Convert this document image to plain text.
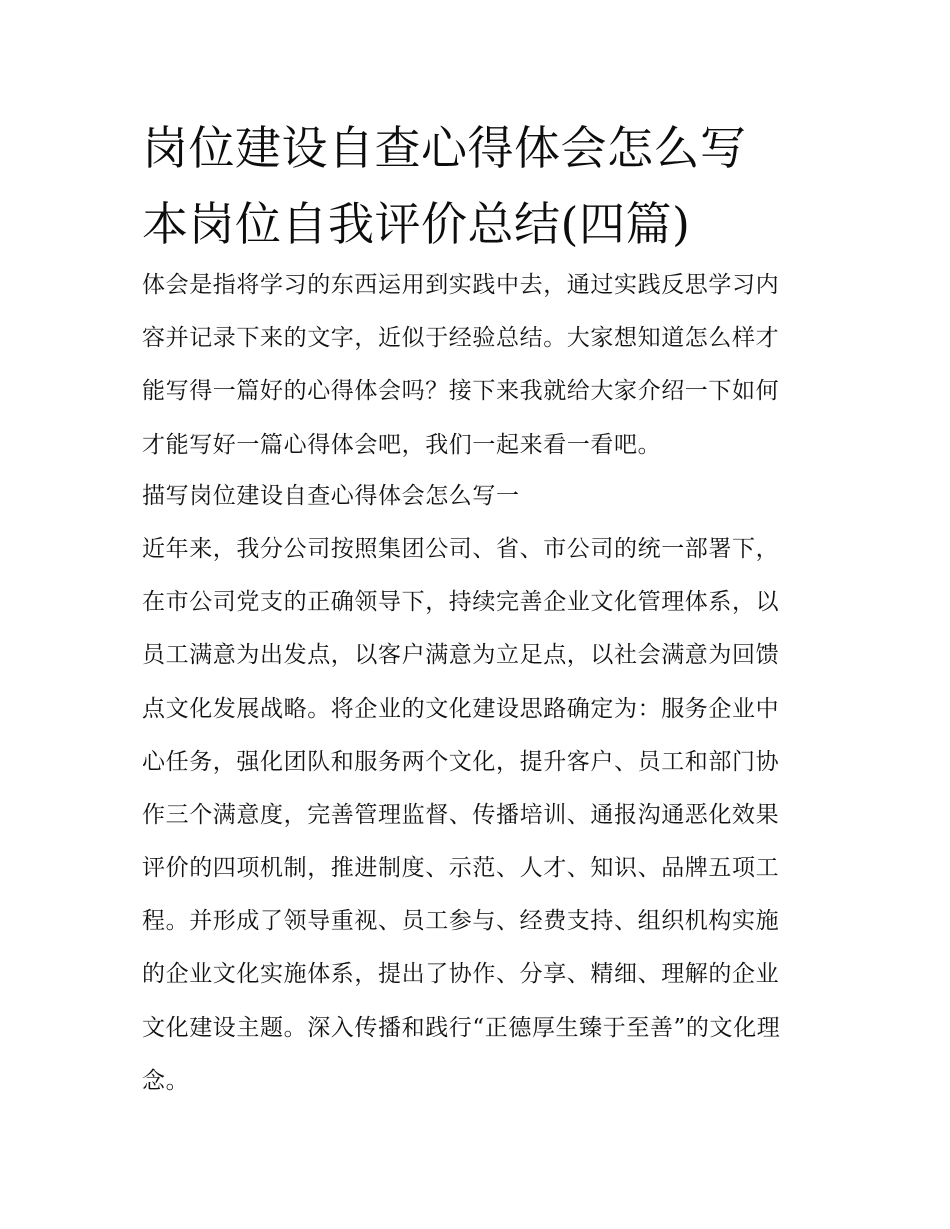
岗位建设自查心得体会怎么写
本岗位自我评价总结(四篇)
体会是指将学习的东西运用到实践中去，通过实践反思学习内
容并记录下来的文字，近似于经验总结。大家想知道怎么样才
能写得一篇好的心得体会吗？接下来我就给大家介绍一下如何
才能写好一篇心得体会吧，我们一起来看一看吧。
描写岗位建设自查心得体会怎么写一
近年来，我分公司按照集团公司、省、市公司的统一部署下，
在市公司党支的正确领导下，持续完善企业文化管理体系，以
员工满意为出发点，以客户满意为立足点，以社会满意为回馈
点文化发展战略。将企业的文化建设思路确定为：服务企业中
心任务，强化团队和服务两个文化，提升客户、员工和部门协
作三个满意度，完善管理监督、传播培训、通报沟通恶化效果
评价的四项机制，推进制度、示范、人才、知识、品牌五项工
程。并形成了领导重视、员工参与、经费支持、组织机构实施
的企业文化实施体系，提出了协作、分享、精细、理解的企业
文化建设主题。深入传播和践行“正德厚生臻于至善”的文化理
念。
